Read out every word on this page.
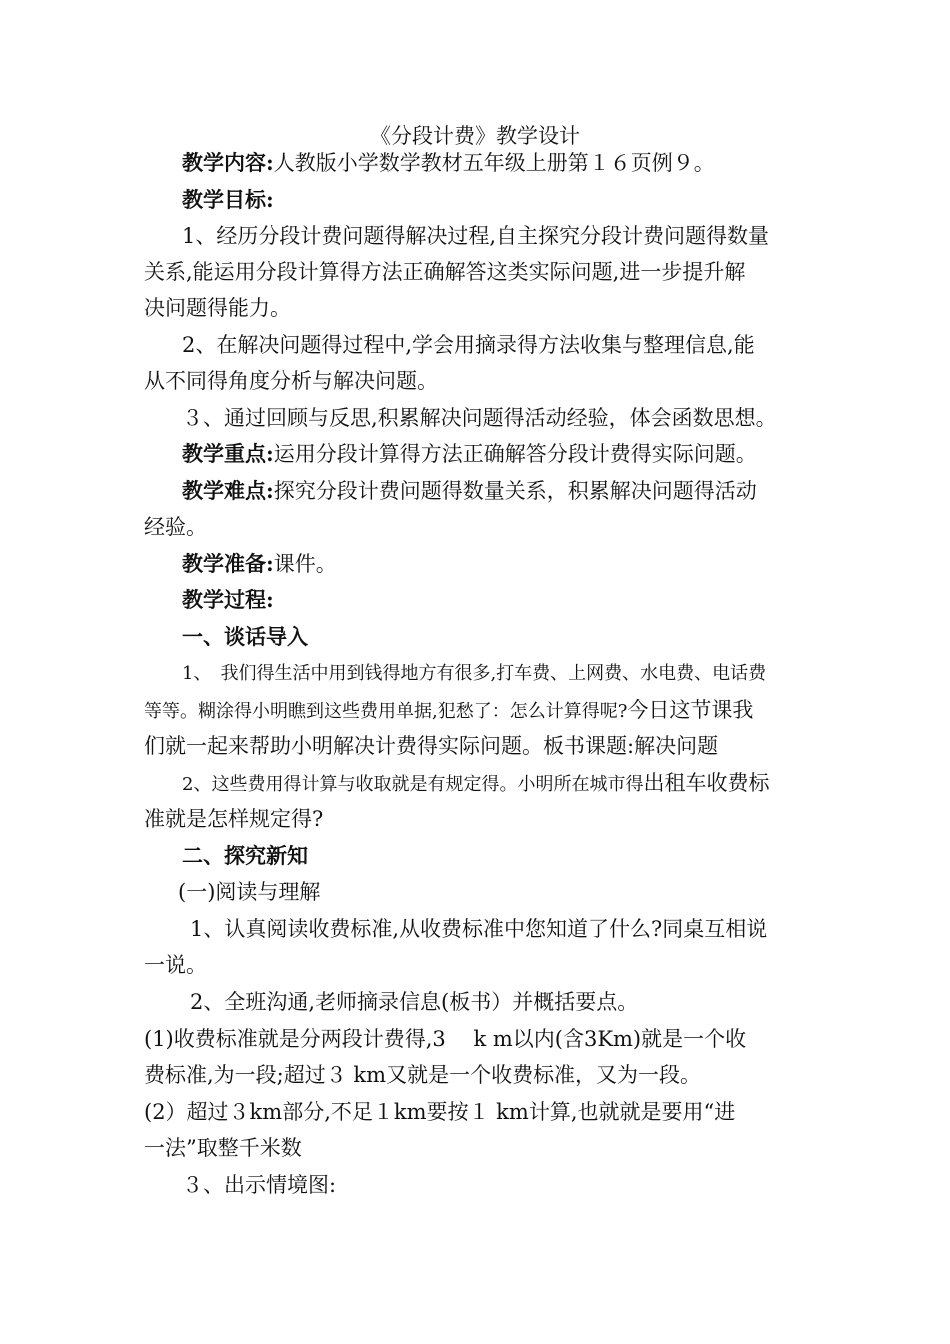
《分段计费》教学设计
教学内容:人教版小学数学教材五年级上册第１６页例９。
教学目标:
1、经历分段计费问题得解决过程,自主探究分段计费问题得数量
关系,能运用分段计算得方法正确解答这类实际问题,进一步提升解
决问题得能力。
2、在解决问题得过程中,学会用摘录得方法收集与整理信息,能
从不同得角度分析与解决问题。
３、通过回顾与反思,积累解决问题得活动经验，体会函数思想。
教学重点:运用分段计算得方法正确解答分段计费得实际问题。
教学难点:探究分段计费问题得数量关系，积累解决问题得活动
经验。
教学准备:课件。
教学过程:
一、谈话导入
1、　我们得生活中用到钱得地方有很多,打车费、上网费、水电费、电话费
等等。糊涂得小明瞧到这些费用单据,犯愁了：怎么计算得呢?今日这节课我
们就一起来帮助小明解决计费得实际问题。板书课题:解决问题
2、这些费用得计算与收取就是有规定得。小明所在城市得出租车收费标
准就是怎样规定得?
二、探究新知
(一)阅读与理解
1、认真阅读收费标准,从收费标准中您知道了什么?同桌互相说
一说。
2、全班沟通,老师摘录信息(板书）并概括要点。
(1)收费标准就是分两段计费得,3　 k m以内(含3Km)就是一个收
费标准,为一段;超过３ km又就是一个收费标准，又为一段。
(2）超过３km部分,不足１km要按１ km计算,也就就是要用“进
一法”取整千米数
３、出示情境图:
